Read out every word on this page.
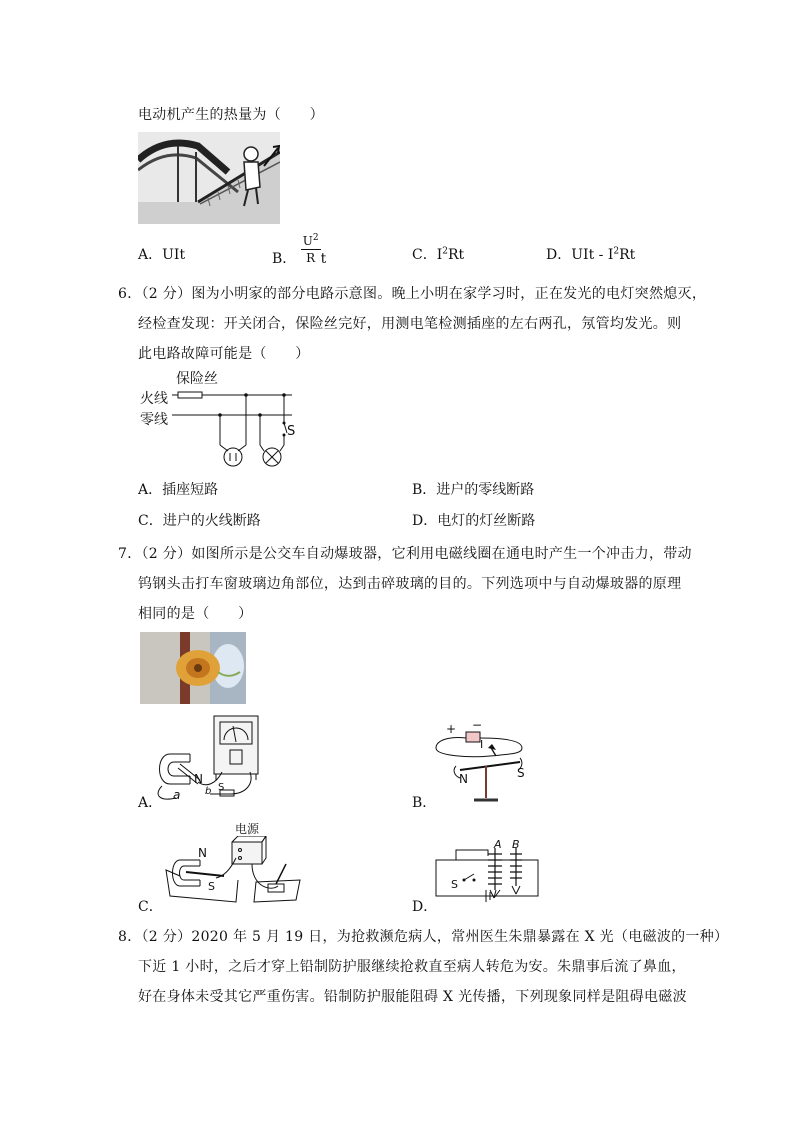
电动机产生的热量为（　　）
A．UIt	B． $\frac{U^2}{R}$ t	C．$I^2Rt$	D．UIt - $I^2Rt$
6．（2 分）图为小明家的部分电路示意图。晚上小明在家学习时，正在发光的电灯突然熄灭，
经检查发现：开关闭合，保险丝完好，用测电笔检测插座的左右两孔，氖管均发光。则
此电路故障可能是（　　）
保险丝
火线
零线
S
A．插座短路	B．进户的零线断路
C．进户的火线断路	D．电灯的灯丝断路
7．（2 分）如图所示是公交车自动爆玻器，它利用电磁线圈在通电时产生一个冲击力，带动
钨钢头击打车窗玻璃边角部位，达到击碎玻璃的目的。下列选项中与自动爆玻器的原理
相同的是（　　）
N
S
a b
A．
+ −
I
N	S
B．
电源
N
S
C．
A B
S
D．
8．（2 分）2020 年 5 月 19 日，为抢救濒危病人，常州医生朱鼎暴露在 X 光（电磁波的一种）
下近 1 小时，之后才穿上铅制防护服继续抢救直至病人转危为安。朱鼎事后流了鼻血，
好在身体未受其它严重伤害。铅制防护服能阻碍 X 光传播，下列现象同样是阻碍电磁波
